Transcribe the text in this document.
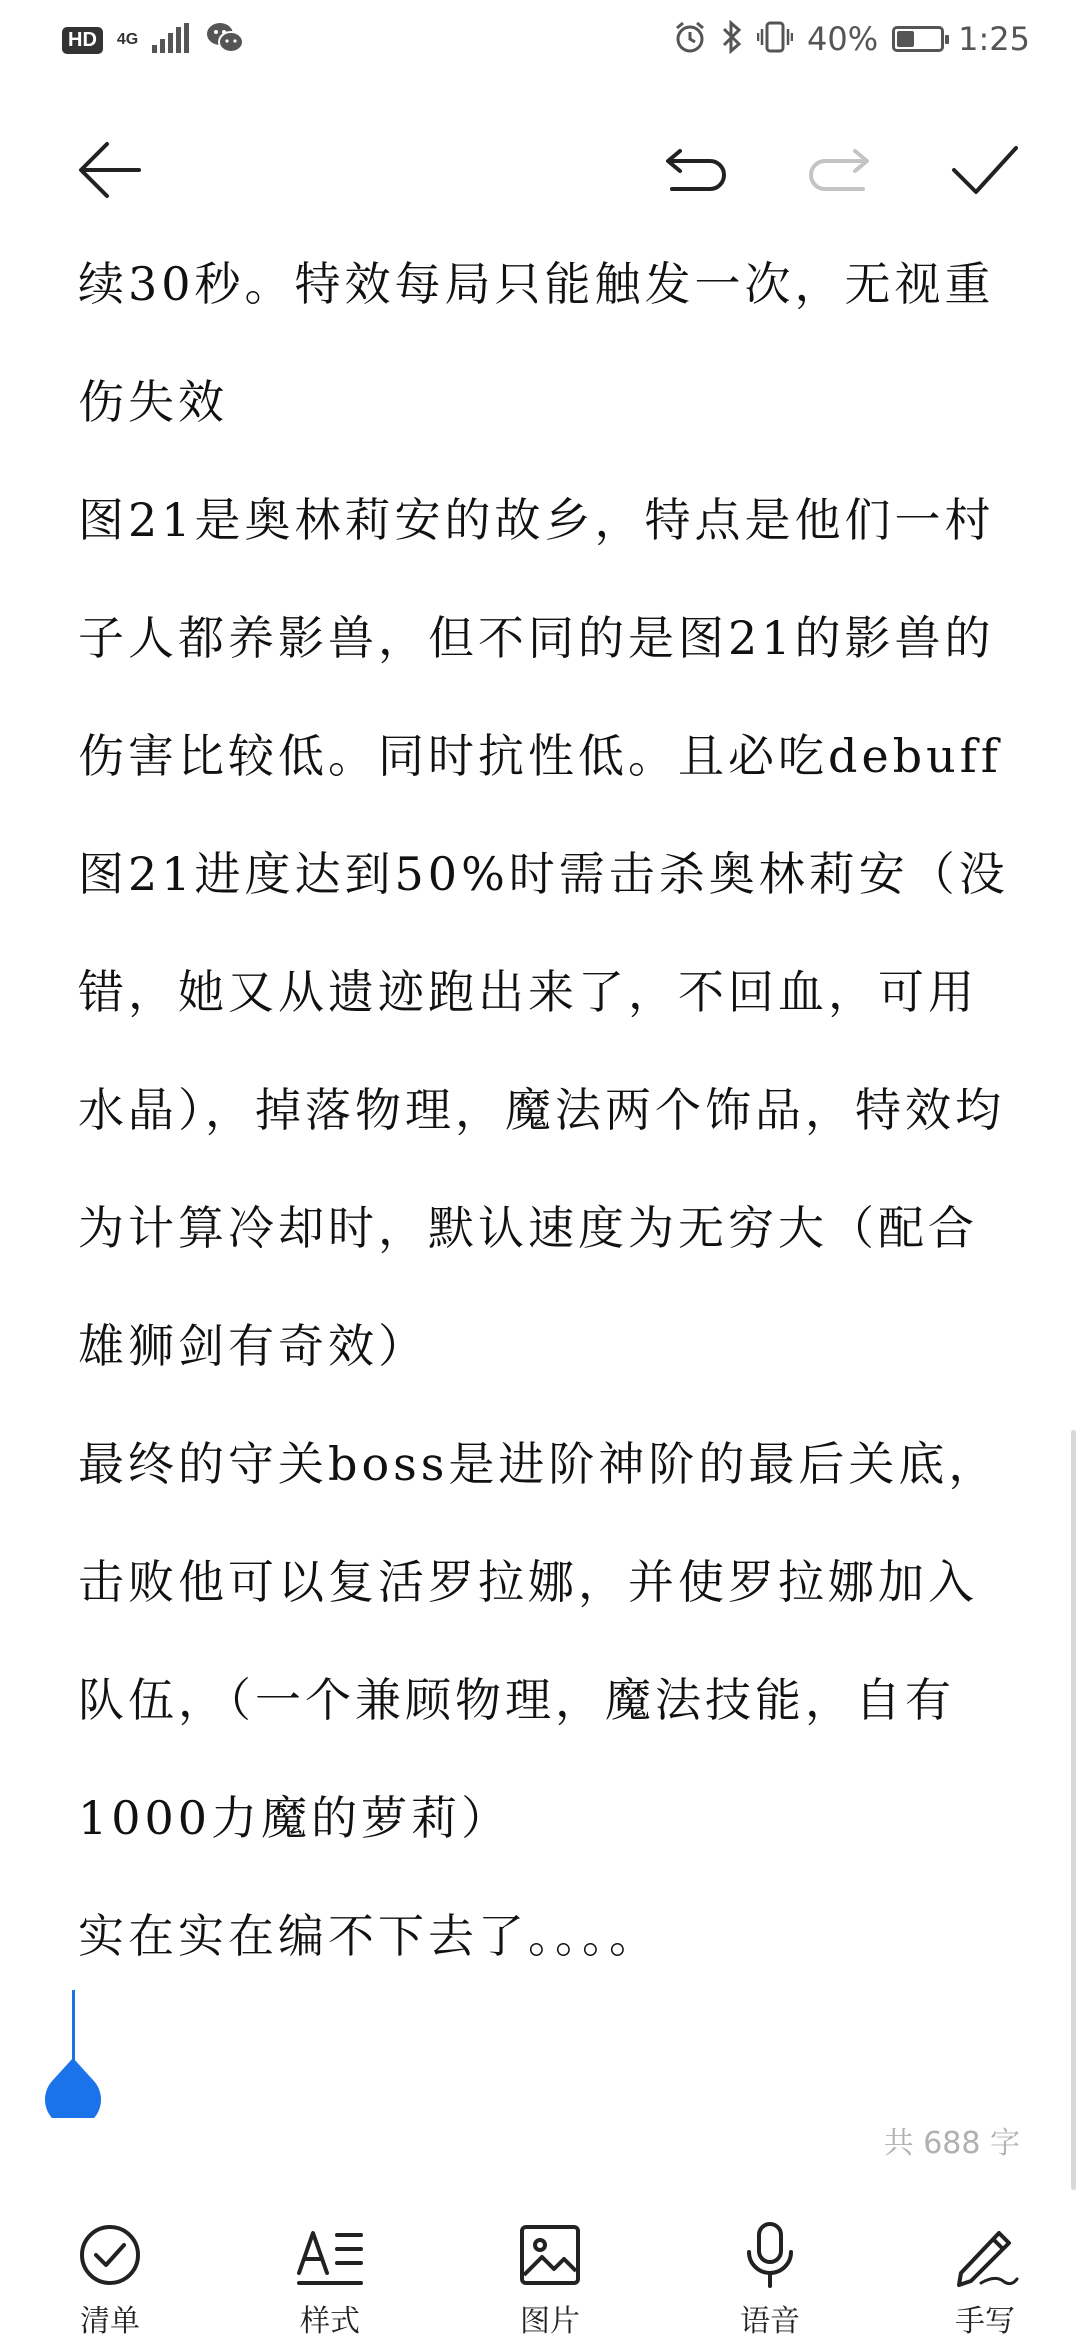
HD	4G	40%	1:25

续30秒。特效每局只能触发一次，无视重伤失效

图21是奥林莉安的故乡，特点是他们一村子人都养影兽，但不同的是图21的影兽的伤害比较低。同时抗性低。且必吃debuff

图21进度达到50%时需击杀奥林莉安（没错，她又从遗迹跑出来了，不回血，可用水晶），掉落物理，魔法两个饰品，特效均为计算冷却时，默认速度为无穷大（配合雄狮剑有奇效）

最终的守关boss是进阶神阶的最后关底，击败他可以复活罗拉娜，并使罗拉娜加入队伍，（一个兼顾物理，魔法技能，自有1000力魔的萝莉）

实在实在编不下去了。。。。

共 688 字
清单	样式	图片	语音	手写
